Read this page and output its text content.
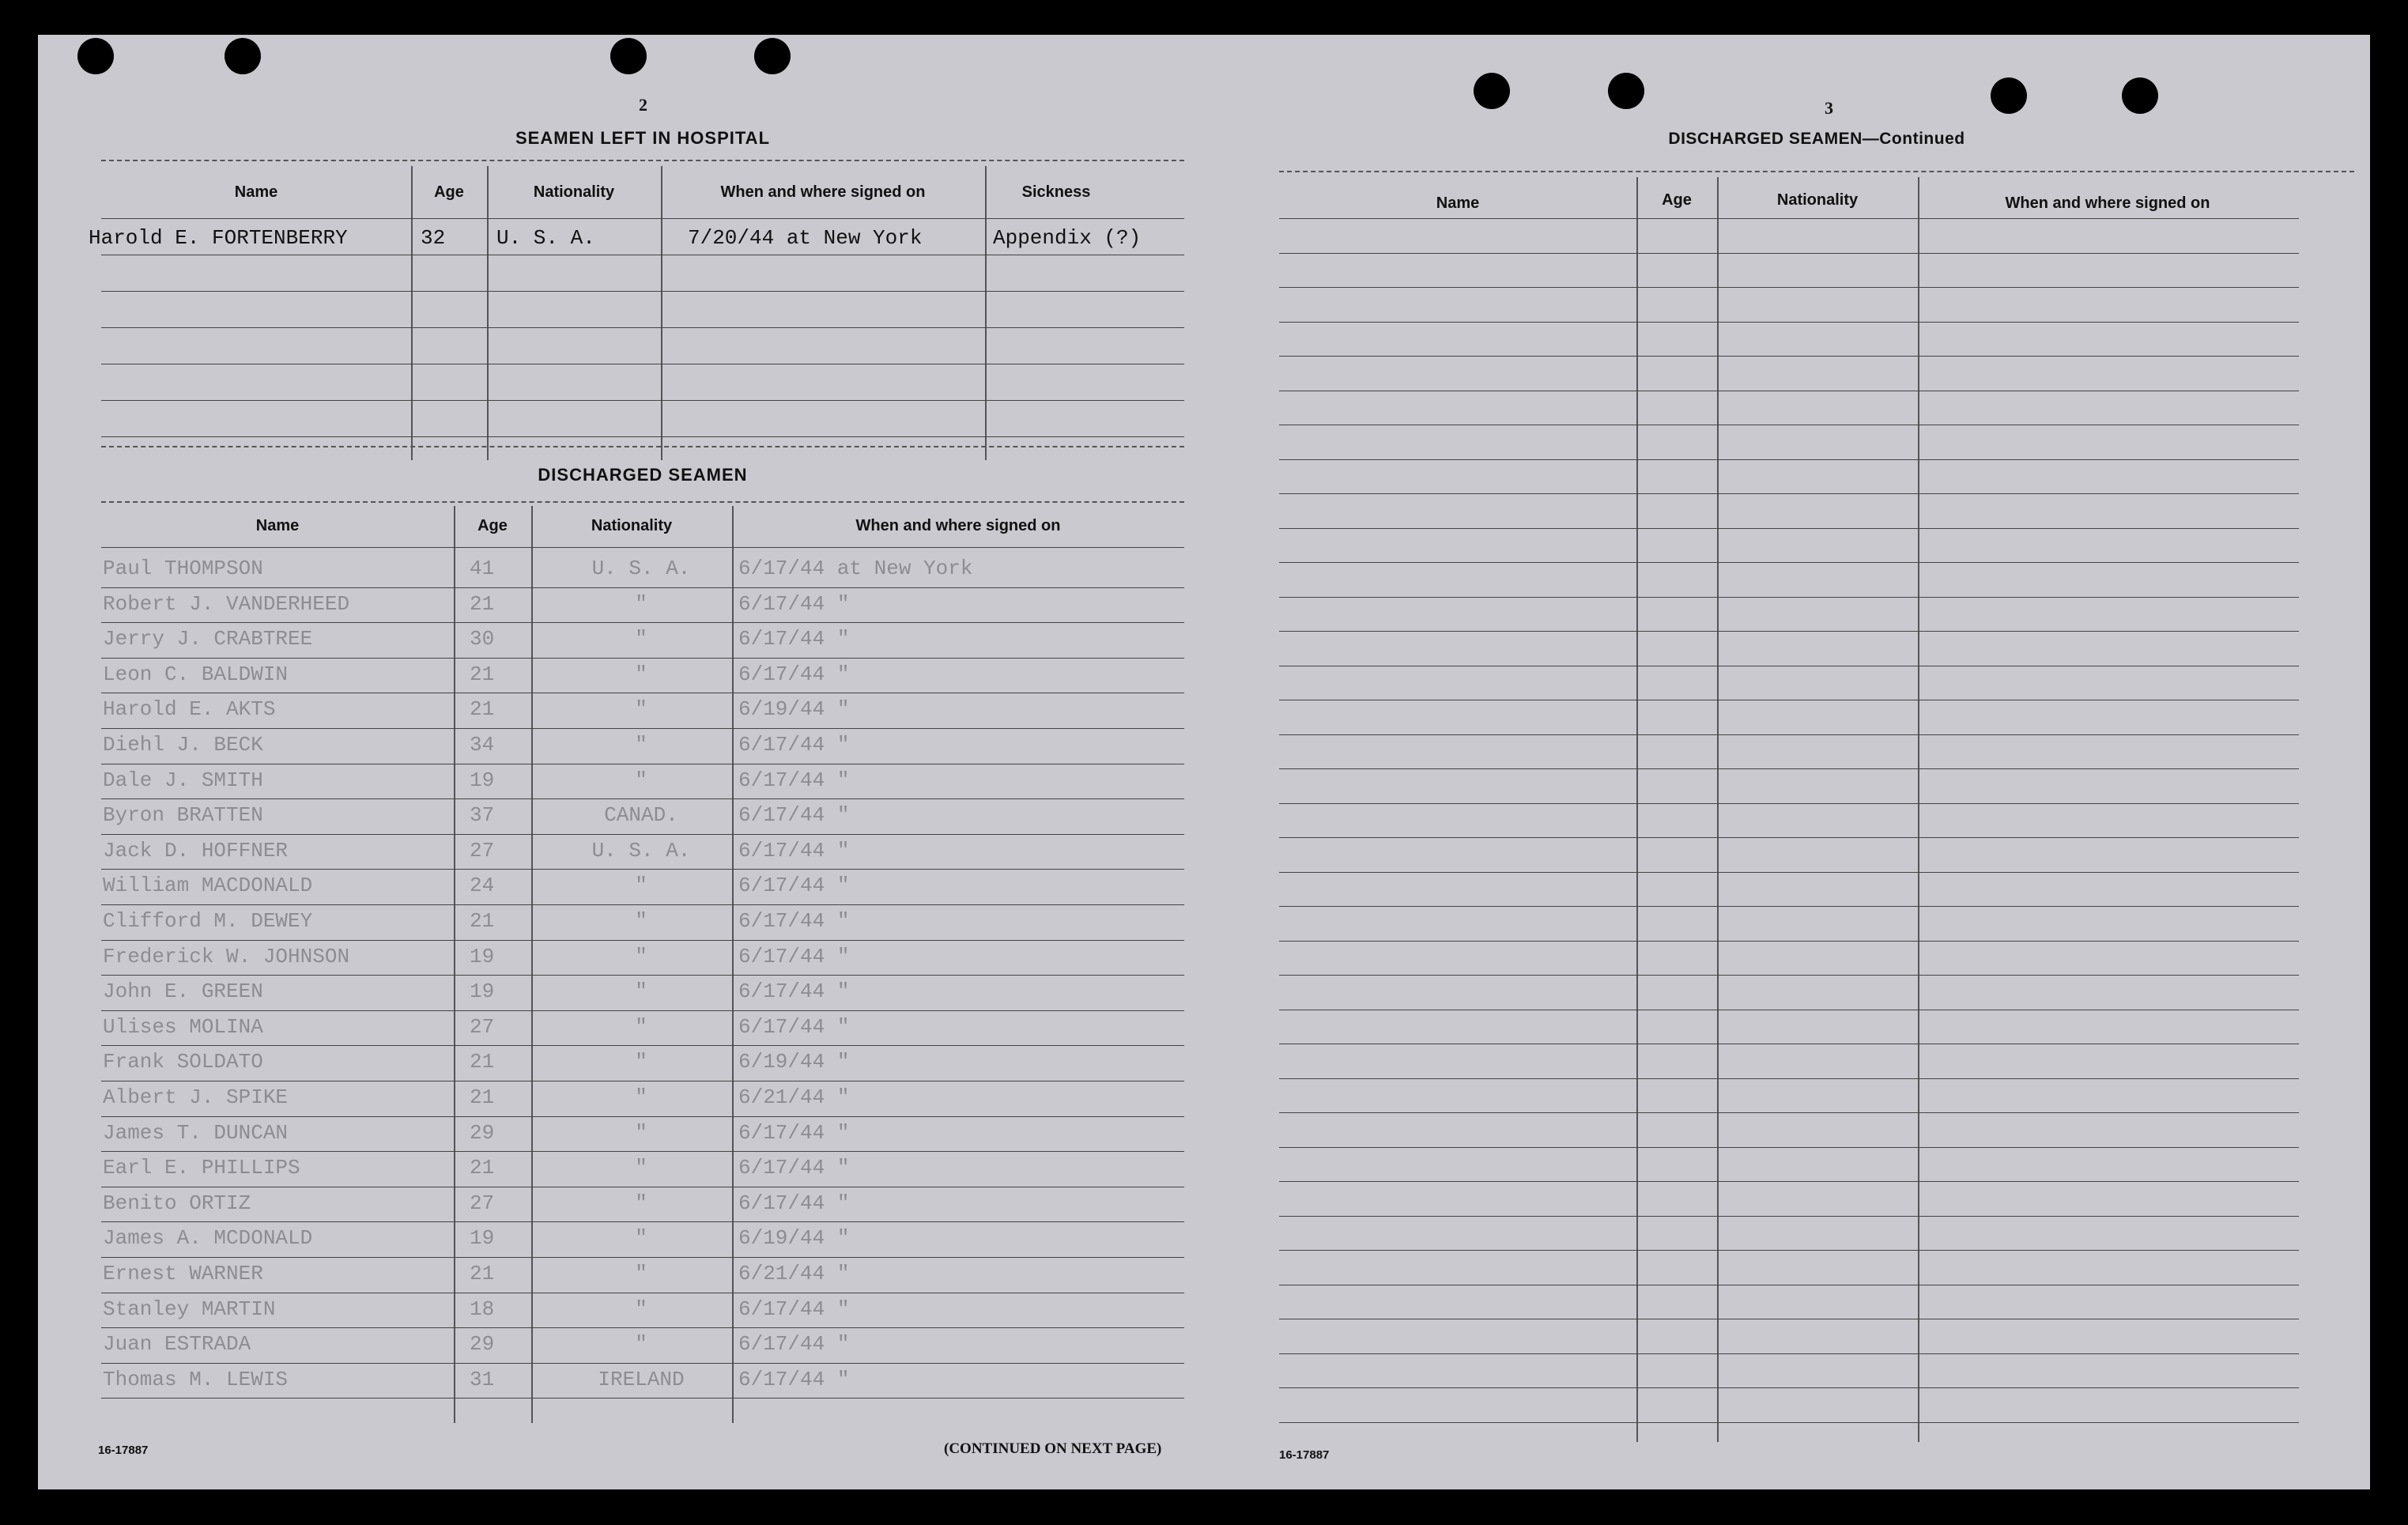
2
SEAMEN LEFT IN HOSPITAL
Name	Age	Nationality	When and where signed on	Sickness
Harold E. FORTENBERRY	32 U. S. A.	7/20/44 at New York	Appendix (?)
DISCHARGED SEAMEN
Name	Age	Nationality	When and where signed on
Paul THOMPSON	41	U. S. A.	6/17/44 at New York
Robert J. VANDERHEED	21	"	6/17/44 "
Jerry J. CRABTREE	30	"	6/17/44 "
Leon C. BALDWIN	21	"	6/17/44 "
Harold E. AKTS	21	"	6/19/44 "
Diehl J. BECK	34	"	6/17/44 "
Dale J. SMITH	19	"	6/17/44 "
Byron BRATTEN	37	CANAD.	6/17/44 "
Jack D. HOFFNER	27	U. S. A.	6/17/44 "
William MACDONALD	24	"	6/17/44 "
Clifford M. DEWEY	21	"	6/17/44 "
Frederick W. JOHNSON	19	"	6/17/44 "
John E. GREEN	19	"	6/17/44 "
Ulises MOLINA	27	"	6/17/44 "
Frank SOLDATO	21	"	6/19/44 "
Albert J. SPIKE	21	"	6/21/44 "
James T. DUNCAN	29	"	6/17/44 "
Earl E. PHILLIPS	21	"	6/17/44 "
Benito ORTIZ	27	"	6/17/44 "
James A. MCDONALD	19	"	6/19/44 "
Ernest WARNER	21	"	6/21/44 "
Stanley MARTIN	18	"	6/17/44 "
Juan ESTRADA	29	"	6/17/44 "
Thomas M. LEWIS	31	IRELAND	6/17/44 "
16-17887	(CONTINUED ON NEXT PAGE)
3
DISCHARGED SEAMEN—Continued
Name	Age	Nationality	When and where signed on
16-17887
